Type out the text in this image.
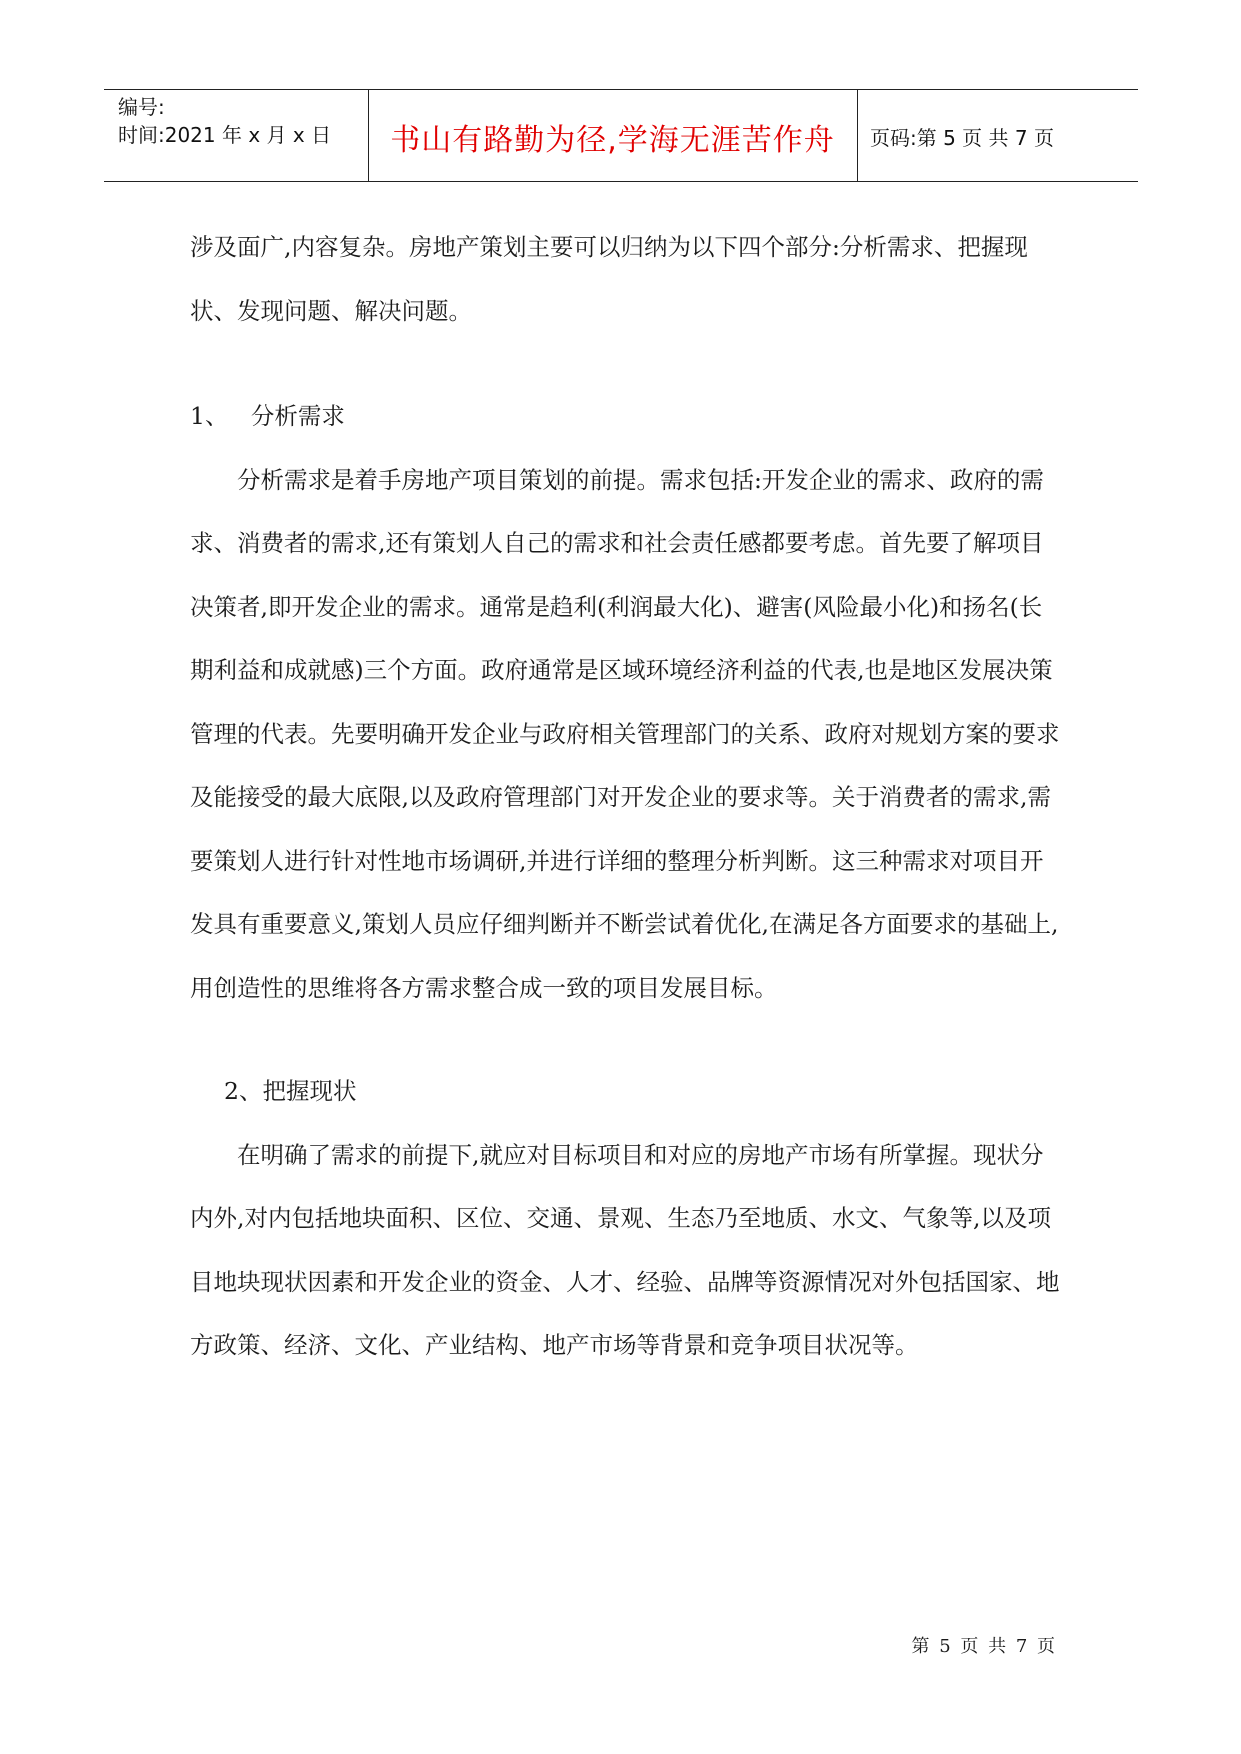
编号:
时间:2021 年 x 月 x 日	书山有路勤为径,学海无涯苦作舟	页码:第 5 页 共 7 页

涉及面广,内容复杂。房地产策划主要可以归纳为以下四个部分:分析需求、把握现状、发现问题、解决问题。

1、   分析需求

分析需求是着手房地产项目策划的前提。需求包括:开发企业的需求、政府的需求、消费者的需求,还有策划人自己的需求和社会责任感都要考虑。首先要了解项目决策者,即开发企业的需求。通常是趋利(利润最大化)、避害(风险最小化)和扬名(长期利益和成就感)三个方面。政府通常是区域环境经济利益的代表,也是地区发展决策管理的代表。先要明确开发企业与政府相关管理部门的关系、政府对规划方案的要求及能接受的最大底限,以及政府管理部门对开发企业的要求等。关于消费者的需求,需要策划人进行针对性地市场调研,并进行详细的整理分析判断。这三种需求对项目开发具有重要意义,策划人员应仔细判断并不断尝试着优化,在满足各方面要求的基础上,用创造性的思维将各方需求整合成一致的项目发展目标。

2、把握现状

在明确了需求的前提下,就应对目标项目和对应的房地产市场有所掌握。现状分内外,对内包括地块面积、区位、交通、景观、生态乃至地质、水文、气象等,以及项目地块现状因素和开发企业的资金、人才、经验、品牌等资源情况对外包括国家、地方政策、经济、文化、产业结构、地产市场等背景和竞争项目状况等。

第 5 页 共 7 页
